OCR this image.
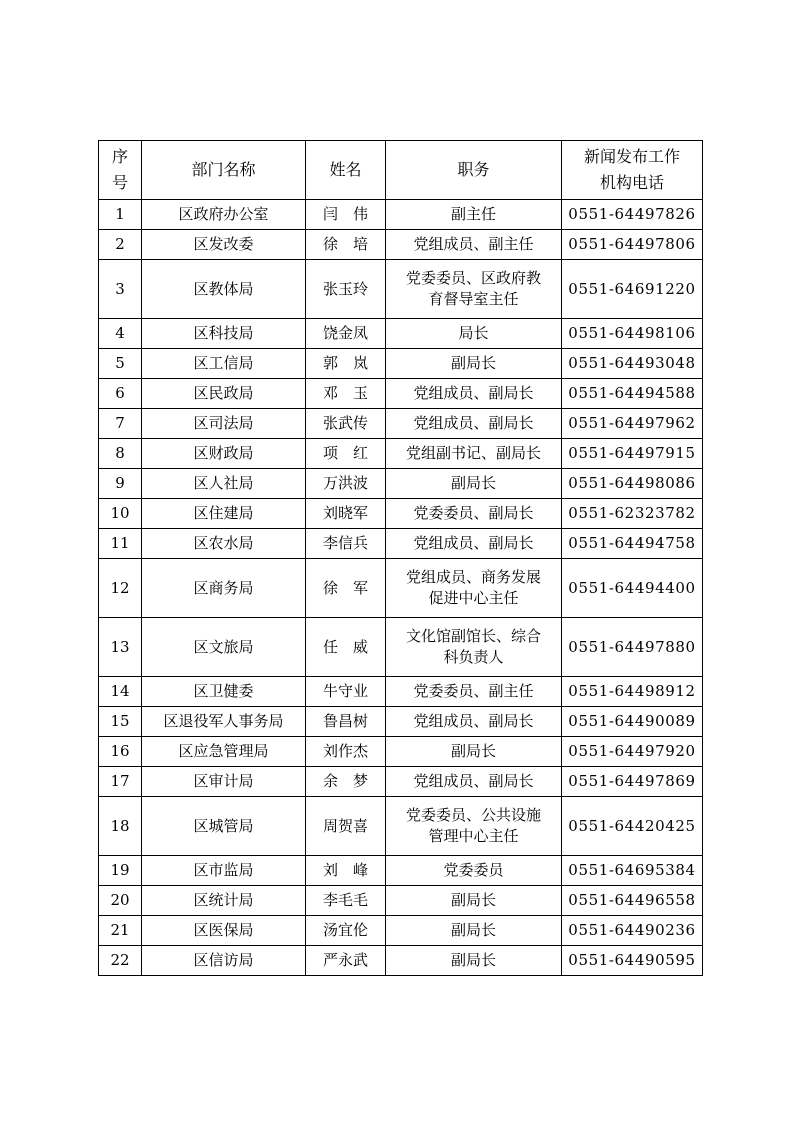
序
号	部门名称	姓名	职务	新闻发布工作
机构电话
1	区政府办公室	闫　伟	副主任	0551-64497826
2	区发改委	徐　培	党组成员、副主任	0551-64497806
3	区教体局	张玉玲	党委委员、区政府教
育督导室主任	0551-64691220
4	区科技局	饶金凤	局长	0551-64498106
5	区工信局	郭　岚	副局长	0551-64493048
6	区民政局	邓　玉	党组成员、副局长	0551-64494588
7	区司法局	张武传	党组成员、副局长	0551-64497962
8	区财政局	项　红	党组副书记、副局长	0551-64497915
9	区人社局	万洪波	副局长	0551-64498086
10	区住建局	刘晓军	党委委员、副局长	0551-62323782
11	区农水局	李信兵	党组成员、副局长	0551-64494758
12	区商务局	徐　军	党组成员、商务发展
促进中心主任	0551-64494400
13	区文旅局	任　威	文化馆副馆长、综合
科负责人	0551-64497880
14	区卫健委	牛守业	党委委员、副主任	0551-64498912
15	区退役军人事务局	鲁昌树	党组成员、副局长	0551-64490089
16	区应急管理局	刘作杰	副局长	0551-64497920
17	区审计局	余　梦	党组成员、副局长	0551-64497869
18	区城管局	周贺喜	党委委员、公共设施
管理中心主任	0551-64420425
19	区市监局	刘　峰	党委委员	0551-64695384
20	区统计局	李毛毛	副局长	0551-64496558
21	区医保局	汤宜伦	副局长	0551-64490236
22	区信访局	严永武	副局长	0551-64490595
